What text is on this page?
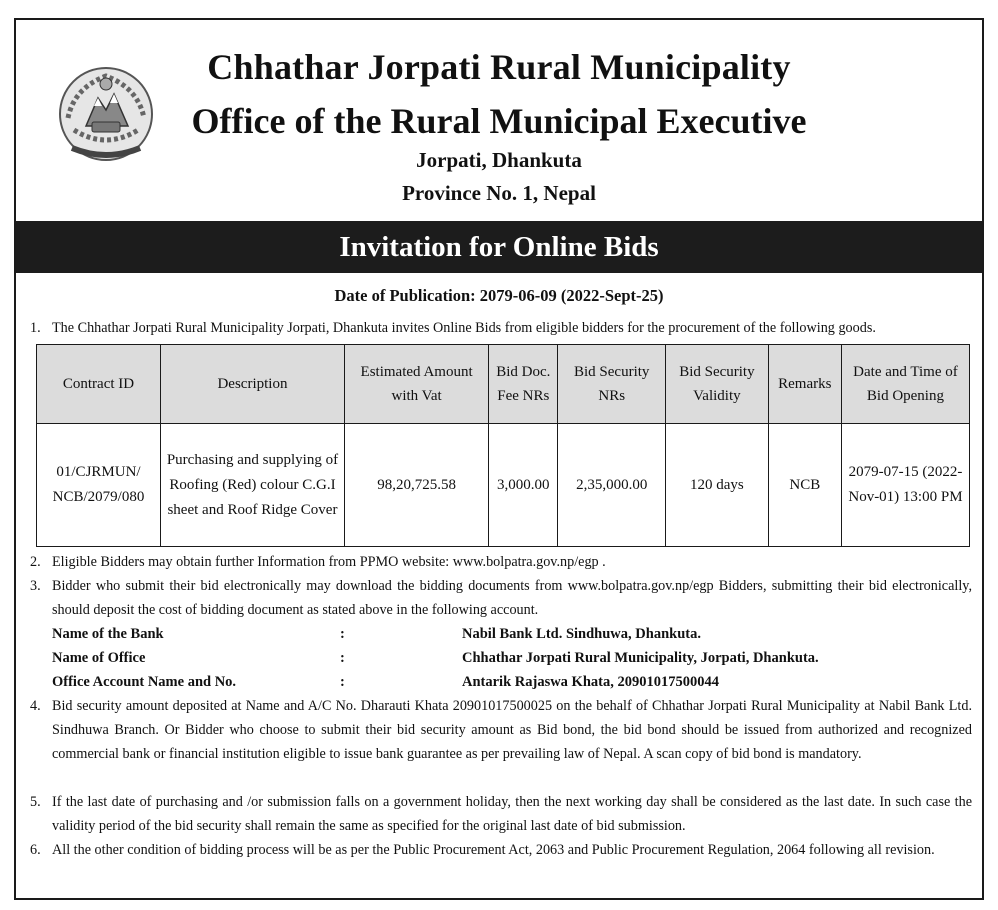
Chhathar Jorpati Rural Municipality
Office of the Rural Municipal Executive
Jorpati, Dhankuta
Province No. 1, Nepal
Invitation for Online Bids
Date of Publication: 2079-06-09 (2022-Sept-25)
1. The Chhathar Jorpati Rural Municipality Jorpati, Dhankuta invites Online Bids from eligible bidders for the procurement of the following goods.
Contract ID	Description	Estimated Amount with Vat	Bid Doc. Fee NRs	Bid Security NRs	Bid Security Validity	Remarks	Date and Time of Bid Opening
01/CJRMUN/ NCB/2079/080	Purchasing and supplying of Roofing (Red) colour C.G.I sheet and Roof Ridge Cover	98,20,725.58	3,000.00	2,35,000.00	120 days	NCB	2079-07-15 (2022-Nov-01) 13:00 PM
2. Eligible Bidders may obtain further Information from PPMO website: www.bolpatra.gov.np/egp .
3. Bidder who submit their bid electronically may download the bidding documents from www.bolpatra.gov.np/egp Bidders, submitting their bid electronically, should deposit the cost of bidding document as stated above in the following account.
Name of the Bank	:	Nabil Bank Ltd. Sindhuwa, Dhankuta.
Name of Office	:	Chhathar Jorpati Rural Municipality, Jorpati, Dhankuta.
Office Account Name and No.	:	Antarik Rajaswa Khata, 20901017500044
4. Bid security amount deposited at Name and A/C No. Dharauti Khata 20901017500025 on the behalf of Chhathar Jorpati Rural Municipality at Nabil Bank Ltd. Sindhuwa Branch. Or Bidder who choose to submit their bid security amount as Bid bond, the bid bond should be issued from authorized and recognized commercial bank or financial institution eligible to issue bank guarantee as per prevailing law of Nepal. A scan copy of bid bond is mandatory.
5. If the last date of purchasing and /or submission falls on a government holiday, then the next working day shall be considered as the last date. In such case the validity period of the bid security shall remain the same as specified for the original last date of bid submission.
6. All the other condition of bidding process will be as per the Public Procurement Act, 2063 and Public Procurement Regulation, 2064 following all revision.
